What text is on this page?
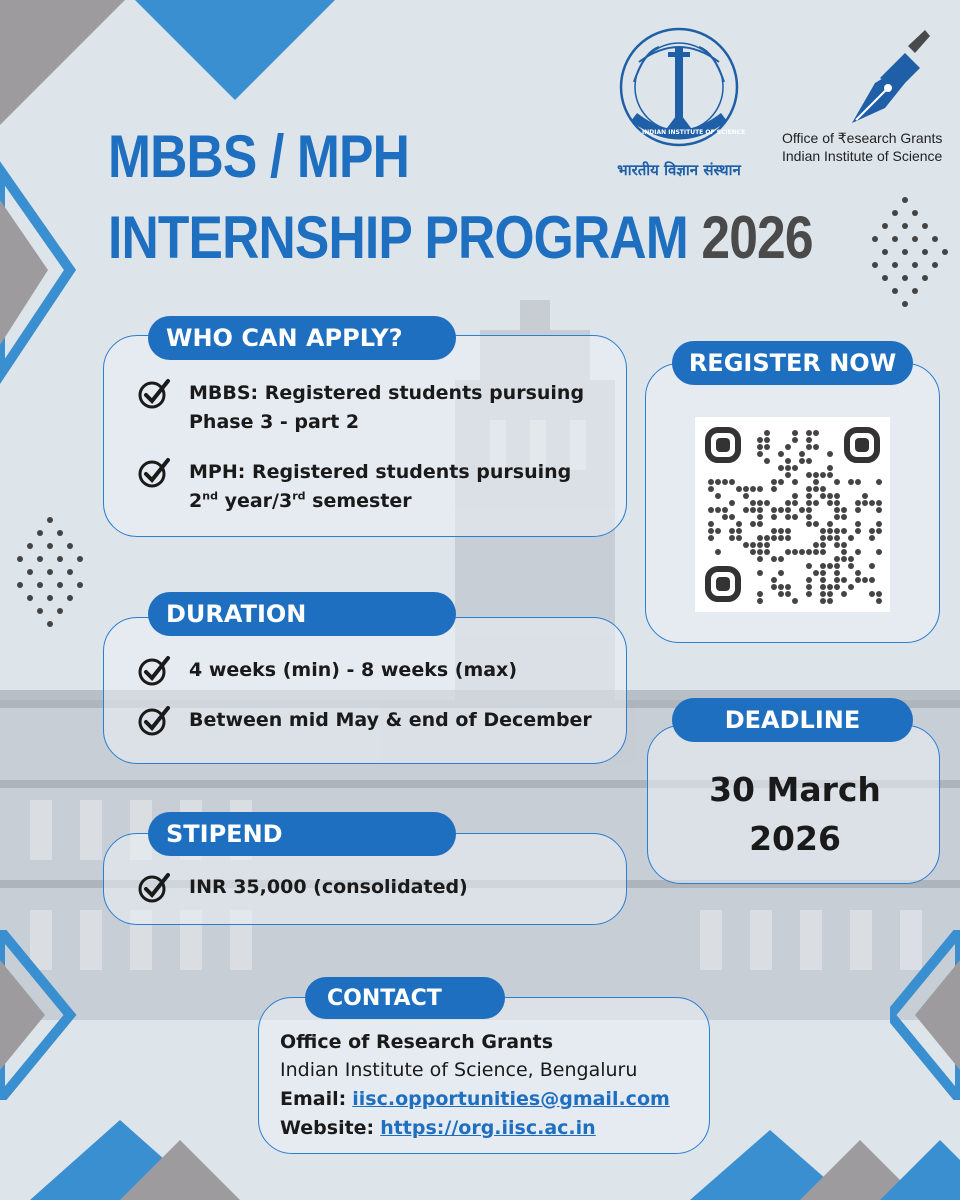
भारतीय विज्ञान संस्थान
INDIAN INSTITUTE OF SCIENCE	Office of ₹esearch Grants
Indian Institute of Science
MBBS / MPH
INTERNSHIP PROGRAM 2026
WHO CAN APPLY?
MBBS: Registered students pursuing
Phase 3 - part 2
MPH: Registered students pursuing
2nd year/3rd semester
DURATION
4 weeks (min) - 8 weeks (max)
Between mid May & end of December
STIPEND
INR 35,000 (consolidated)
REGISTER NOW
DEADLINE
30 March
2026
CONTACT
Office of Research Grants
Indian Institute of Science, Bengaluru
Email: iisc.opportunities@gmail.com
Website: https://org.iisc.ac.in
